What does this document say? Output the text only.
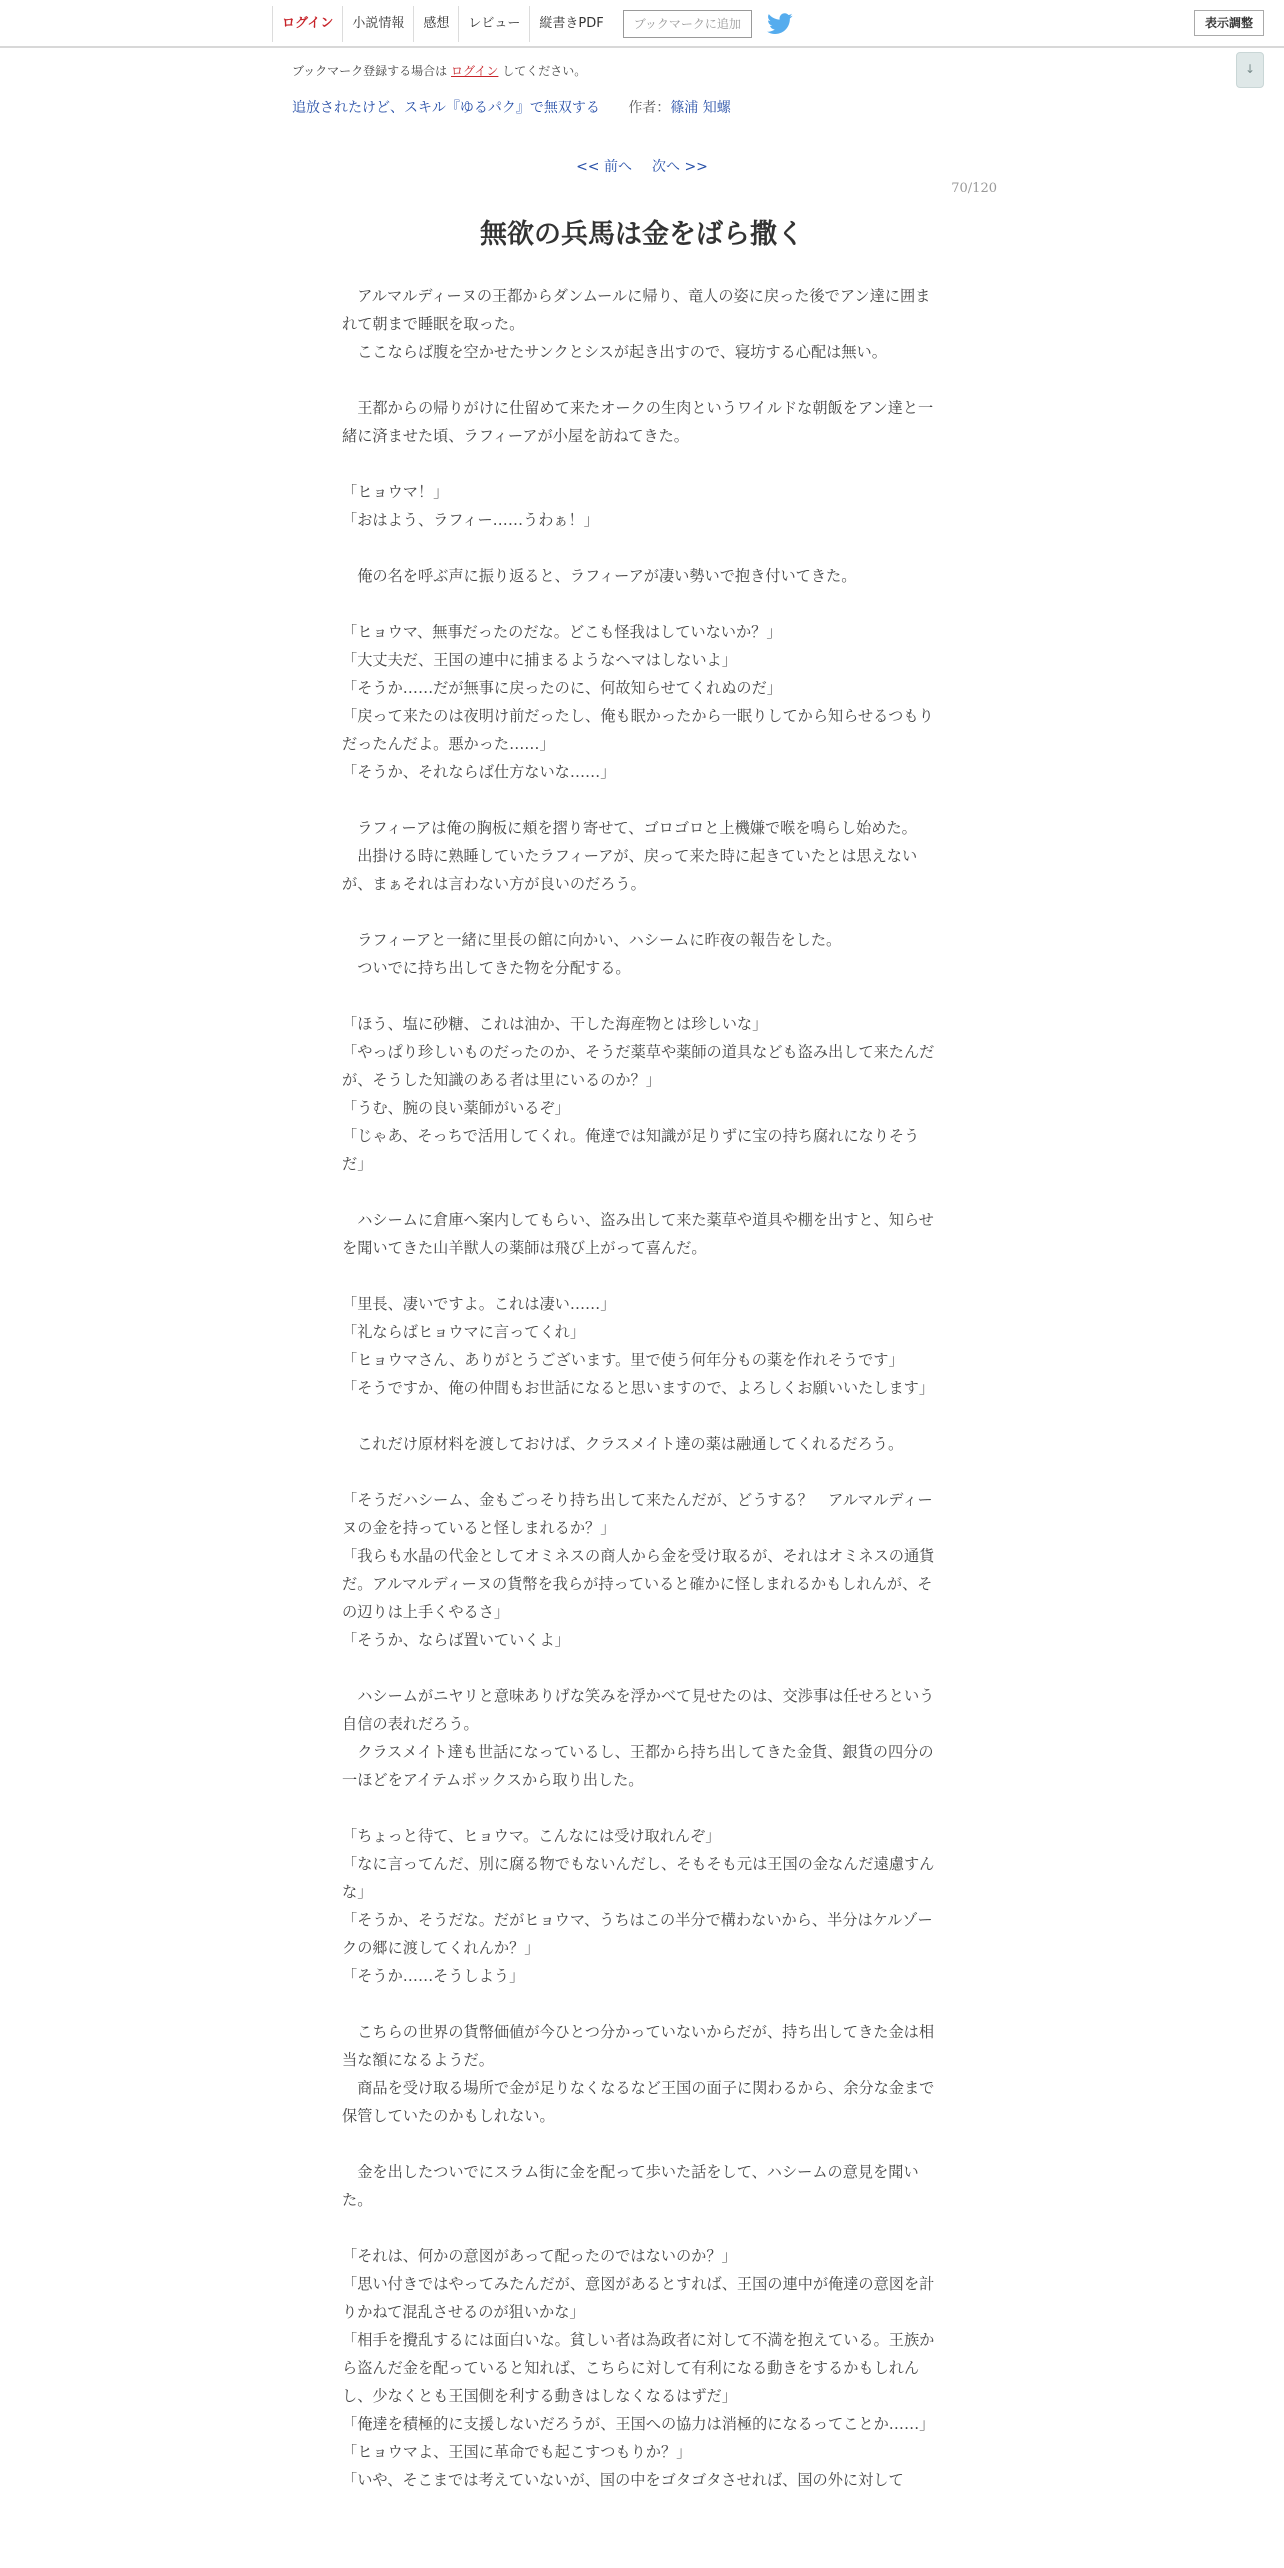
ログイン	小説情報	感想	レビュー	縦書きPDF	ブックマークに追加	表示調整
↓
ブックマーク登録する場合は ログイン してください。
追放されたけど、スキル『ゆるパク』で無双する 作者：篠浦 知螺
<< 前へ 次へ >>
70/120
無欲の兵馬は金をばら撒く

　アルマルディーヌの王都からダンムールに帰り、竜人の姿に戻った後でアン達に囲まれて朝まで睡眠を取った。

　ここならば腹を空かせたサンクとシスが起き出すので、寝坊する心配は無い。

　王都からの帰りがけに仕留めて来たオークの生肉というワイルドな朝飯をアン達と一緒に済ませた頃、ラフィーアが小屋を訪ねてきた。

「ヒョウマ！」

「おはよう、ラフィー……うわぁ！」

　俺の名を呼ぶ声に振り返ると、ラフィーアが凄い勢いで抱き付いてきた。

「ヒョウマ、無事だったのだな。どこも怪我はしていないか？」

「大丈夫だ、王国の連中に捕まるようなヘマはしないよ」

「そうか……だが無事に戻ったのに、何故知らせてくれぬのだ」

「戻って来たのは夜明け前だったし、俺も眠かったから一眠りしてから知らせるつもりだったんだよ。悪かった……」

「そうか、それならば仕方ないな……」

　ラフィーアは俺の胸板に頬を摺り寄せて、ゴロゴロと上機嫌で喉を鳴らし始めた。

　出掛ける時に熟睡していたラフィーアが、戻って来た時に起きていたとは思えないが、まぁそれは言わない方が良いのだろう。

　ラフィーアと一緒に里長の館に向かい、ハシームに昨夜の報告をした。

　ついでに持ち出してきた物を分配する。

「ほう、塩に砂糖、これは油か、干した海産物とは珍しいな」

「やっぱり珍しいものだったのか、そうだ薬草や薬師の道具なども盗み出して来たんだが、そうした知識のある者は里にいるのか？」

「うむ、腕の良い薬師がいるぞ」

「じゃあ、そっちで活用してくれ。俺達では知識が足りずに宝の持ち腐れになりそうだ」

　ハシームに倉庫へ案内してもらい、盗み出して来た薬草や道具や棚を出すと、知らせを聞いてきた山羊獣人の薬師は飛び上がって喜んだ。

「里長、凄いですよ。これは凄い……」

「礼ならばヒョウマに言ってくれ」

「ヒョウマさん、ありがとうございます。里で使う何年分もの薬を作れそうです」

「そうですか、俺の仲間もお世話になると思いますので、よろしくお願いいたします」

　これだけ原材料を渡しておけば、クラスメイト達の薬は融通してくれるだろう。

「そうだハシーム、金もごっそり持ち出して来たんだが、どうする？　アルマルディーヌの金を持っていると怪しまれるか？」

「我らも水晶の代金としてオミネスの商人から金を受け取るが、それはオミネスの通貨だ。アルマルディーヌの貨幣を我らが持っていると確かに怪しまれるかもしれんが、その辺りは上手くやるさ」

「そうか、ならば置いていくよ」

　ハシームがニヤリと意味ありげな笑みを浮かべて見せたのは、交渉事は任せろという自信の表れだろう。

　クラスメイト達も世話になっているし、王都から持ち出してきた金貨、銀貨の四分の一ほどをアイテムボックスから取り出した。

「ちょっと待て、ヒョウマ。こんなには受け取れんぞ」

「なに言ってんだ、別に腐る物でもないんだし、そもそも元は王国の金なんだ遠慮すんな」

「そうか、そうだな。だがヒョウマ、うちはこの半分で構わないから、半分はケルゾークの郷に渡してくれんか？」

「そうか……そうしよう」

　こちらの世界の貨幣価値が今ひとつ分かっていないからだが、持ち出してきた金は相当な額になるようだ。

　商品を受け取る場所で金が足りなくなるなど王国の面子に関わるから、余分な金まで保管していたのかもしれない。

　金を出したついでにスラム街に金を配って歩いた話をして、ハシームの意見を聞いた。

「それは、何かの意図があって配ったのではないのか？」

「思い付きではやってみたんだが、意図があるとすれば、王国の連中が俺達の意図を計りかねて混乱させるのが狙いかな」

「相手を攪乱するには面白いな。貧しい者は為政者に対して不満を抱えている。王族から盗んだ金を配っていると知れば、こちらに対して有利になる動きをするかもしれんし、少なくとも王国側を利する動きはしなくなるはずだ」

「俺達を積極的に支援しないだろうが、王国への協力は消極的になるってことか……」

「ヒョウマよ、王国に革命でも起こすつもりか？」

「いや、そこまでは考えていないが、国の中をゴタゴタさせれば、国の外に対して
